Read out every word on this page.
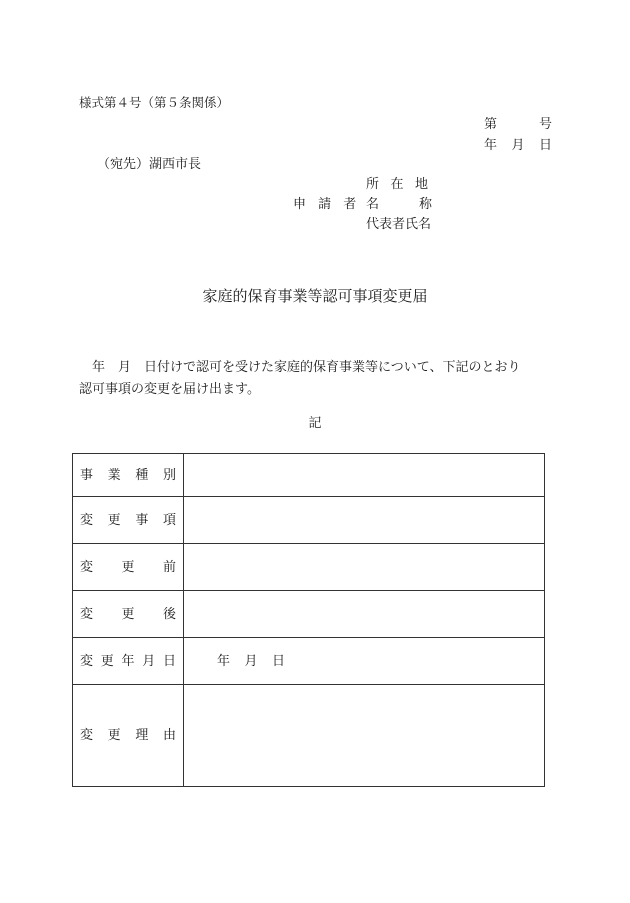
様式第４号（第５条関係）
第	号
年 月 日
（宛先）湖西市長
所 在 地
申 請 者 名	称
代表者氏名
家庭的保育事業等認可事項変更届
　年　月　日付けで認可を受けた家庭的保育事業等について、下記のとおり
認可事項の変更を届け出ます。
記
事 業 種 別	

変 更 事 項	

変 更 前	

変 更 後	

変 更 年 月 日	年 月 日

変 更 理 由	
